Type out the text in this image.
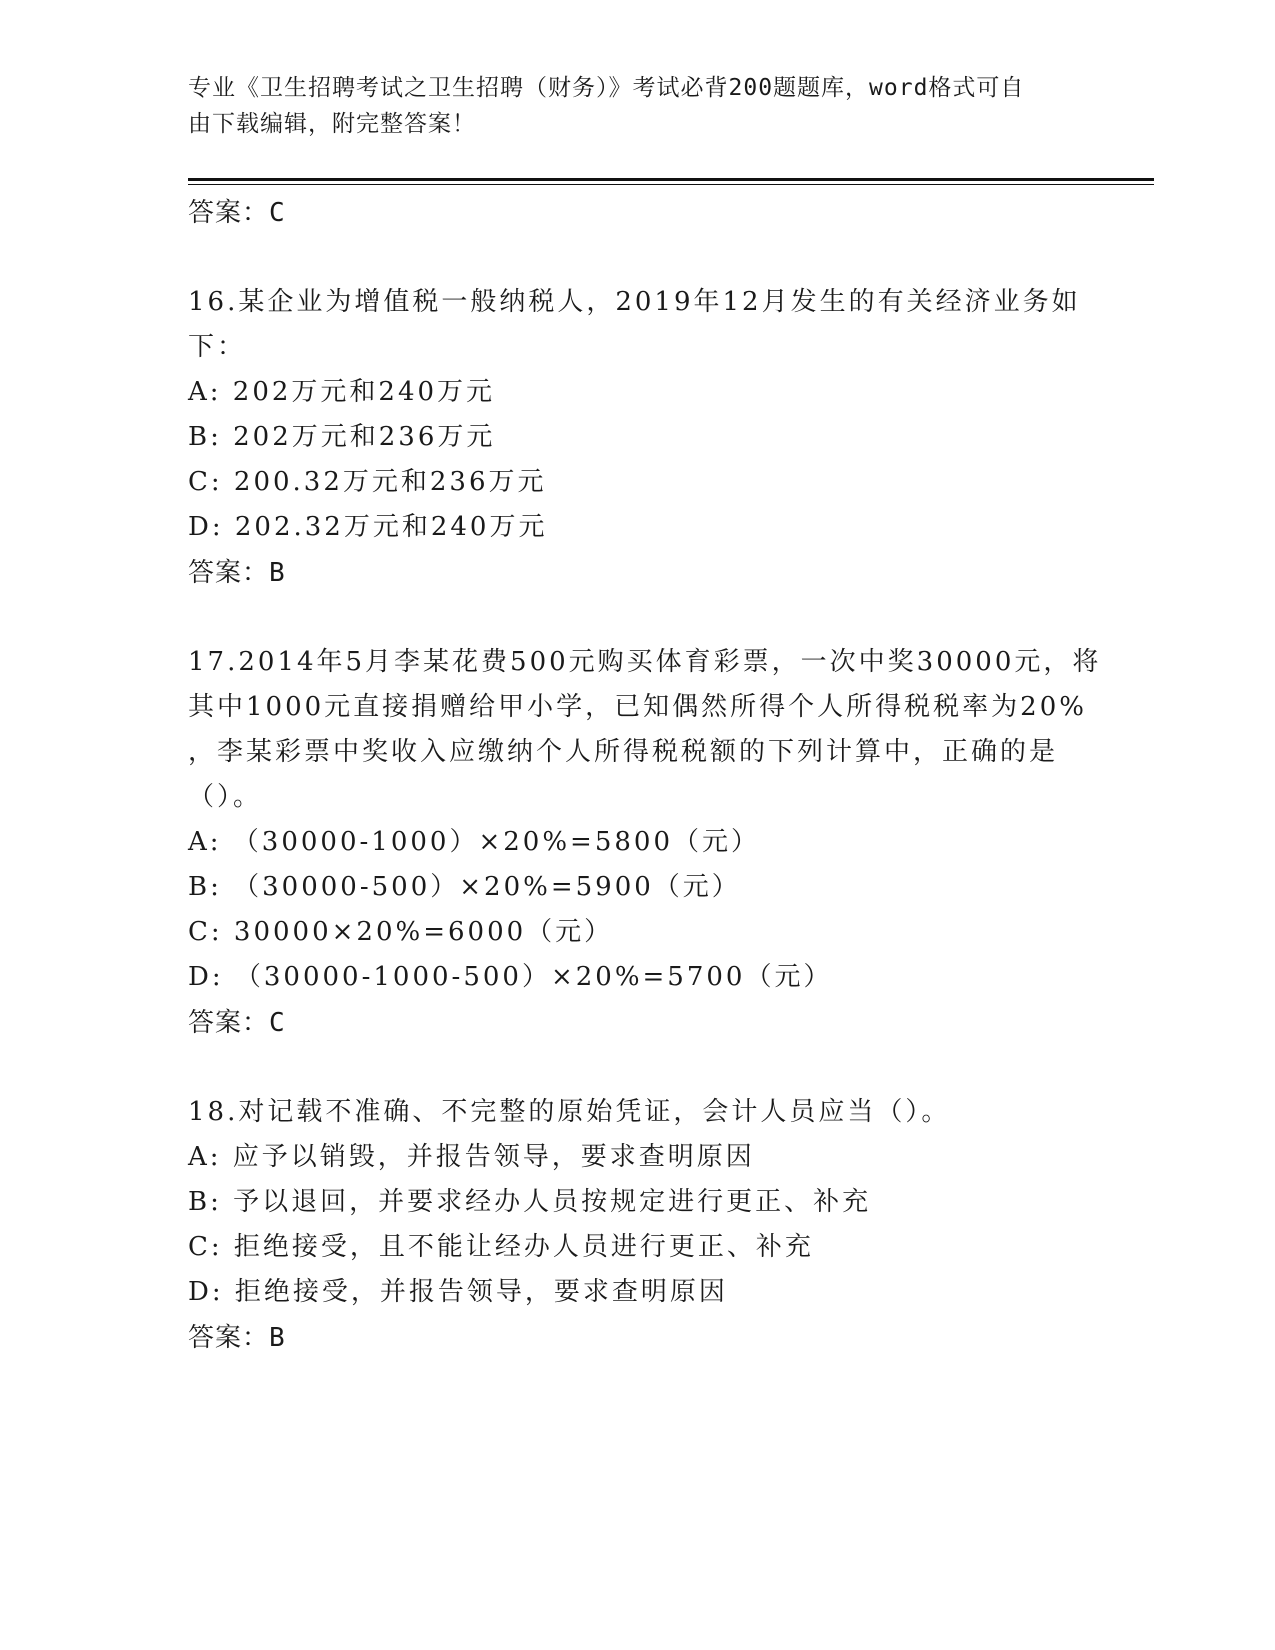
专业《卫生招聘考试之卫生招聘（财务）》考试必背200题题库，word格式可自
由下载编辑，附完整答案！
答案：C
16.某企业为增值税一般纳税人，2019年12月发生的有关经济业务如
下：
A: 202万元和240万元
B: 202万元和236万元
C: 200.32万元和236万元
D: 202.32万元和240万元
答案：B
17.2014年5月李某花费500元购买体育彩票，一次中奖30000元，将
其中1000元直接捐赠给甲小学，已知偶然所得个人所得税税率为20%
，李某彩票中奖收入应缴纳个人所得税税额的下列计算中，正确的是
（）。
A: （30000-1000）×20%=5800（元）
B: （30000-500）×20%=5900（元）
C: 30000×20%=6000（元）
D: （30000-1000-500）×20%=5700（元）
答案：C
18.对记载不准确、不完整的原始凭证，会计人员应当（）。
A: 应予以销毁，并报告领导，要求查明原因
B: 予以退回，并要求经办人员按规定进行更正、补充
C: 拒绝接受，且不能让经办人员进行更正、补充
D: 拒绝接受，并报告领导，要求查明原因
答案：B
